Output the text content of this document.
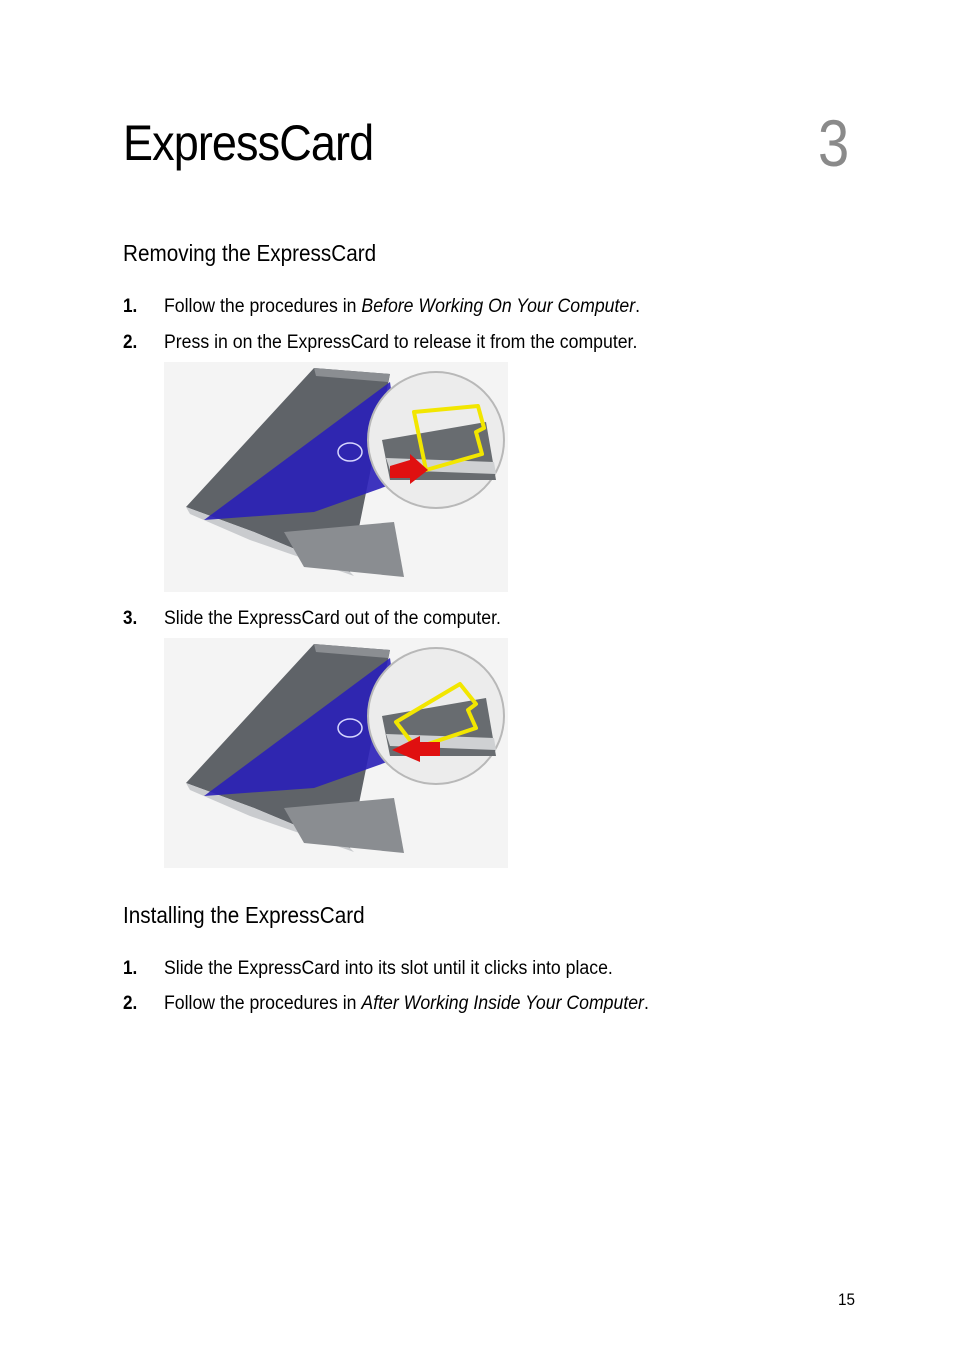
ExpressCard	3
Removing the ExpressCard
1. Follow the procedures in Before Working On Your Computer.
2. Press in on the ExpressCard to release it from the computer.
3. Slide the ExpressCard out of the computer.
Installing the ExpressCard
1. Slide the ExpressCard into its slot until it clicks into place.
2. Follow the procedures in After Working Inside Your Computer.
15
